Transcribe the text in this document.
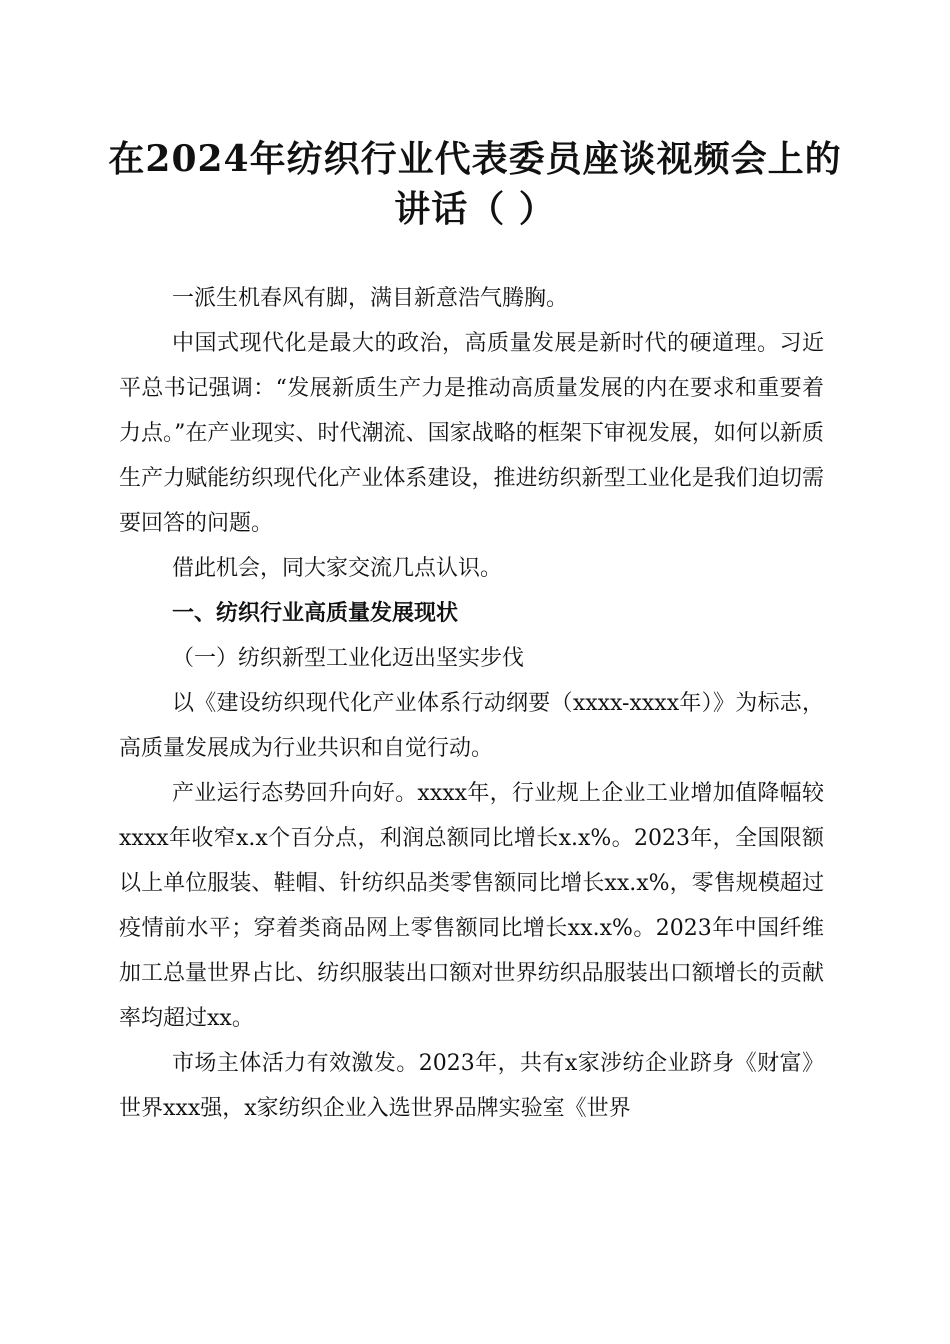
在2024年纺织行业代表委员座谈视频会上的
讲话（ ）

一派生机春风有脚，满目新意浩气腾胸。

中国式现代化是最大的政治，高质量发展是新时代的硬道理。习近平总书记强调：“发展新质生产力是推动高质量发展的内在要求和重要着力点。”在产业现实、时代潮流、国家战略的框架下审视发展，如何以新质生产力赋能纺织现代化产业体系建设，推进纺织新型工业化是我们迫切需要回答的问题。

借此机会，同大家交流几点认识。

一、纺织行业高质量发展现状

（一）纺织新型工业化迈出坚实步伐

以《建设纺织现代化产业体系行动纲要（xxxx-xxxx年）》为标志，高质量发展成为行业共识和自觉行动。

产业运行态势回升向好。xxxx年，行业规上企业工业增加值降幅较xxxx年收窄x.x个百分点，利润总额同比增长x.x%。2023年，全国限额以上单位服装、鞋帽、针纺织品类零售额同比增长xx.x%，零售规模超过疫情前水平；穿着类商品网上零售额同比增长xx.x%。2023年中国纤维加工总量世界占比、纺织服装出口额对世界纺织品服装出口额增长的贡献率均超过xx。

市场主体活力有效激发。2023年，共有x家涉纺企业跻身《财富》世界xxx强，x家纺织企业入选世界品牌实验室《世界
